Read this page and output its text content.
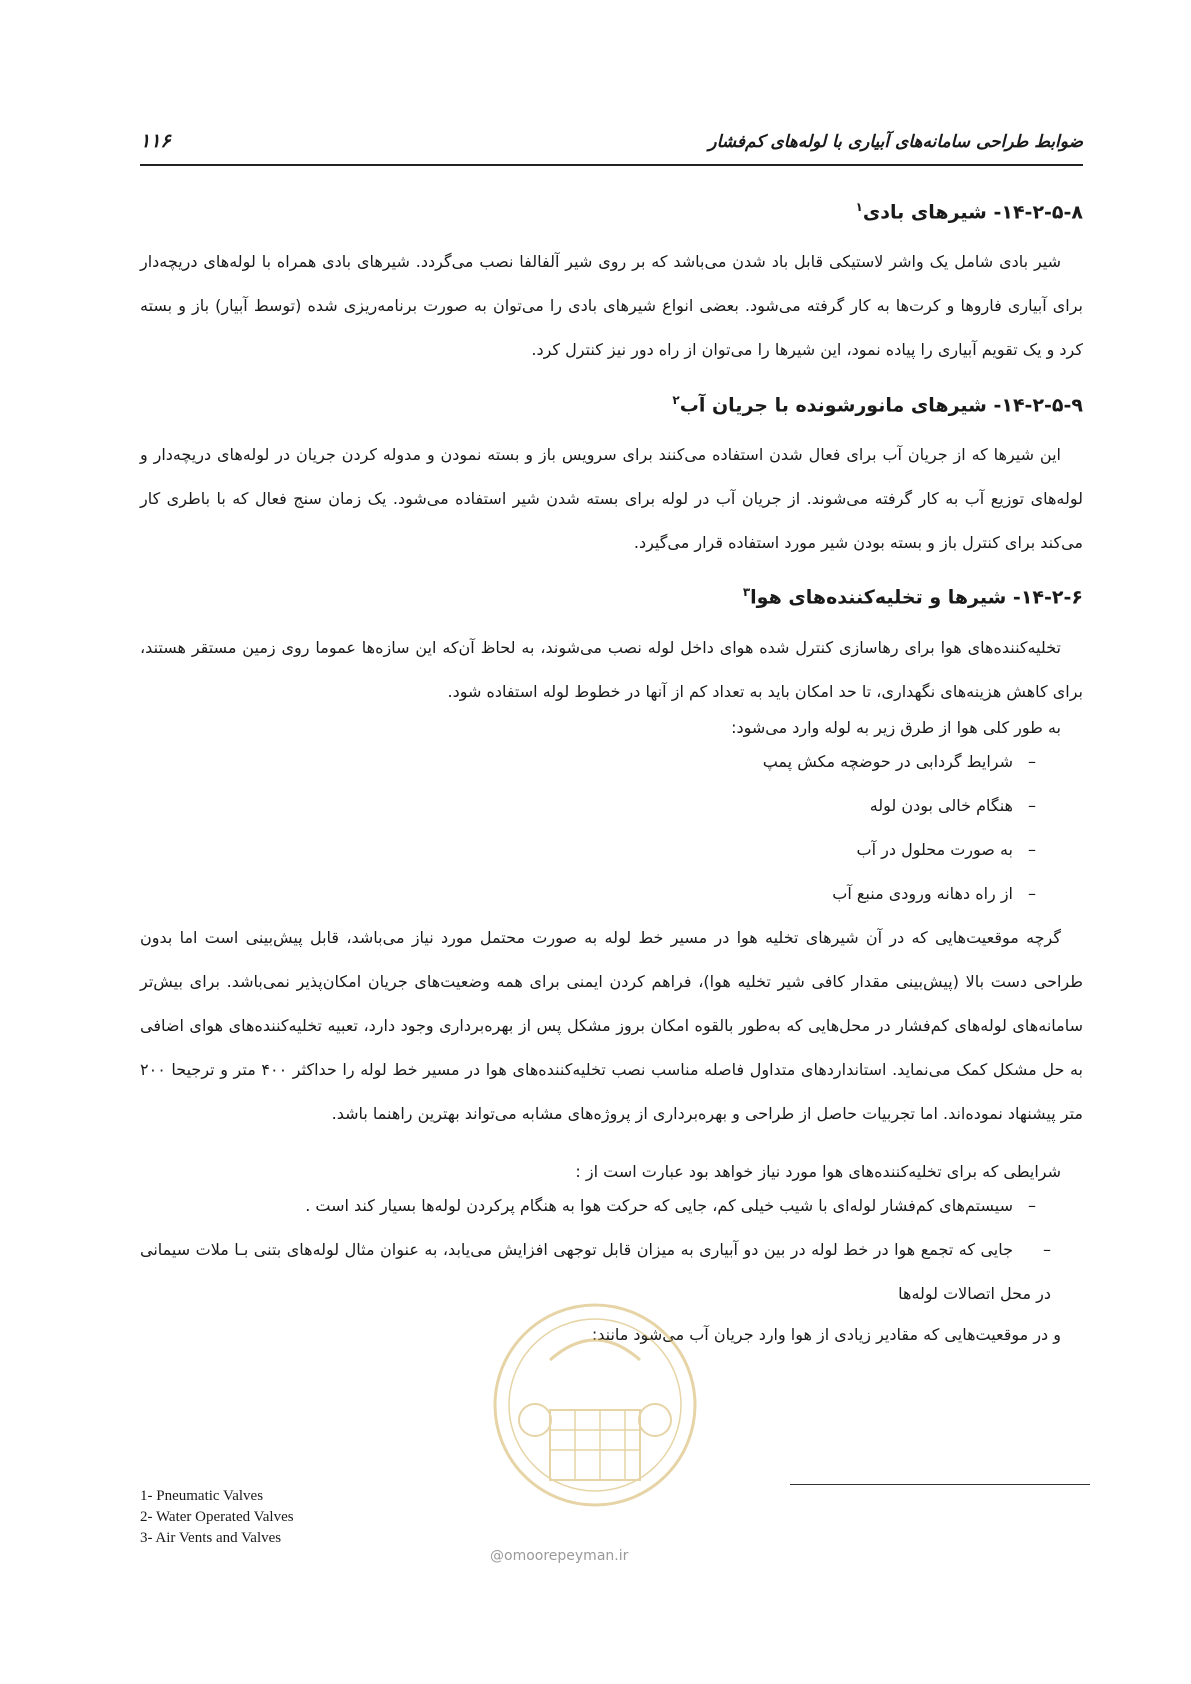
ضوابط طراحی سامانه‌های آبیاری با لوله‌های کم‌فشار
۱۱۶
۱۴-۲-۵-۸- شیرهای بادی$^۱$
شیر بادی شامل یک واشر لاستیکی قابل باد شدن می‌باشد که بر روی شیر آلفالفا نصب می‌گردد. شیرهای بادی همراه با لوله‌های دریچه‌دار برای آبیاری فاروها و کرت‌ها به کار گرفته می‌شود. بعضی انواع شیرهای بادی را می‌توان به صورت برنامه‌ریزی شده (توسط آبیار) باز و بسته کرد و یک تقویم آبیاری را پیاده نمود، این شیرها را می‌توان از راه دور نیز کنترل کرد.
۱۴-۲-۵-۹- شیرهای مانورشونده با جریان آب$^۲$
این شیرها که از جریان آب برای فعال شدن استفاده می‌کنند برای سرویس باز و بسته نمودن و مدوله کردن جریان در لوله‌های دریچه‌دار و لوله‌های توزیع آب به کار گرفته می‌شوند. از جریان آب در لوله برای بسته شدن شیر استفاده می‌شود. یک زمان سنج فعال که با باطری کار می‌کند برای کنترل باز و بسته بودن شیر مورد استفاده قرار می‌گیرد.
۱۴-۲-۶- شیرها و تخلیه‌کننده‌های هوا$^۳$
تخلیه‌کننده‌های هوا برای رهاسازی کنترل شده هوای داخل لوله نصب می‌شوند، به لحاظ آن‌که این سازه‌ها عموما روی زمین مستقر هستند، برای کاهش هزینه‌های نگهداری، تا حد امکان باید به تعداد کم از آنها در خطوط لوله استفاده شود.
به طور کلی هوا از طرق زیر به لوله وارد می‌شود:
–شرایط گردابی در حوضچه مکش پمپ
–هنگام خالی بودن لوله
–به صورت محلول در آب
–از راه دهانه ورودی منبع آب
گرچه موقعیت‌هایی که در آن شیرهای تخلیه هوا در مسیر خط لوله به صورت محتمل مورد نیاز می‌باشد، قابل پیش‌بینی است اما بدون طراحی دست بالا (پیش‌بینی مقدار کافی شیر تخلیه هوا)، فراهم کردن ایمنی برای همه وضعیت‌های جریان امکان‌پذیر نمی‌باشد. برای بیش‌تر سامانه‌های لوله‌های کم‌فشار در محل‌هایی که به‌طور بالقوه امکان بروز مشکل پس از بهره‌برداری وجود دارد، تعبیه تخلیه‌کننده‌های هوای اضافی به حل مشکل کمک می‌نماید. استانداردهای متداول فاصله مناسب نصب تخلیه‌کننده‌های هوا در مسیر خط لوله را حداکثر ۴۰۰ متر و ترجیحا ۲۰۰ متر پیشنهاد نموده‌اند. اما تجربیات حاصل از طراحی و بهره‌برداری از پروژه‌های مشابه می‌تواند بهترین راهنما باشد.
شرایطی که برای تخلیه‌کننده‌های هوا مورد نیاز خواهد بود عبارت است از :
–سیستم‌های کم‌فشار لوله‌ای با شیب خیلی کم، جایی که حرکت هوا به هنگام پرکردن لوله‌ها بسیار کند است .
–جایی که تجمع هوا در خط لوله در بین دو آبیاری به میزان قابل توجهی افزایش می‌یابد، به عنوان مثال لوله‌های بتنی بـا ملات سیمانی در محل اتصالات لوله‌ها
و در موقعیت‌هایی که مقادیر زیادی از هوا وارد جریان آب می‌شود مانند:
1- Pneumatic Valves
2- Water Operated Valves
3- Air Vents and Valves
@omoorepeyman.ir
